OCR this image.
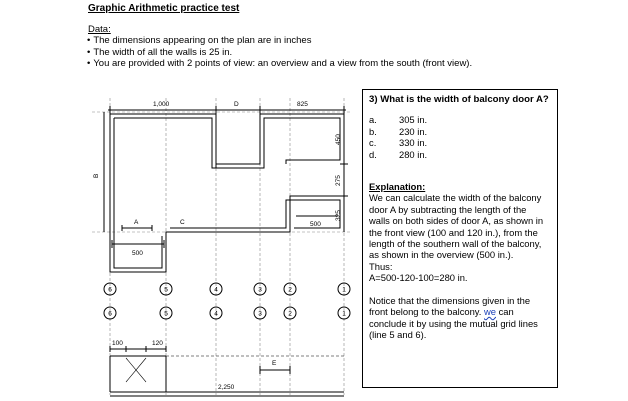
Graphic Arithmetic practice test
Data:
• The dimensions appearing on the plan are in inches
• The width of all the walls is 25 in.
• You are provided with 2 points of view: an overview and a view from the south (front view).
1,000	D	825
450
275
325
500
B
A	C
500
6	5	4	3	2	1
6	5	4	3	2	1
100	120
E
2,250
3) What is the width of balcony door A?
a.	305 in.
b.	230 in.
c.	330 in.
d.	280 in.
Explanation:
We can calculate the width of the balcony
door A by subtracting the length of the
walls on both sides of door A, as shown in
the front view (100 and 120 in.), from the
length of the southern wall of the balcony,
as shown in the overview (500 in.).
Thus:
A=500-120-100=280 in.
Notice that the dimensions given in the
front belong to the balcony. we can
conclude it by using the mutual grid lines
(line 5 and 6).
